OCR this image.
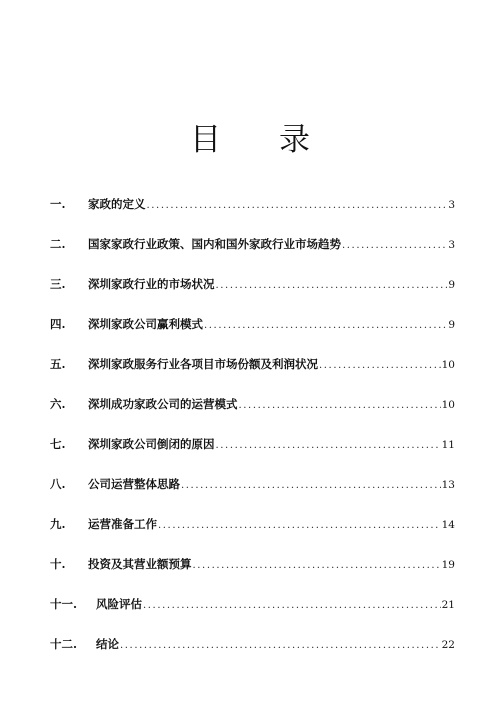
目 录
一.	家政的定义 .....	3
二.	国家家政行业政策、国内和国外家政行业市场趋势 .....	3
三.	深圳家政行业的市场状况 .....	9
四.	深圳家政公司赢利模式 .....	9
五.	深圳家政服务行业各项目市场份额及利润状况 .....	10
六.	深圳成功家政公司的运营模式 .....	10
七.	深圳家政公司倒闭的原因 .....	11
八.	公司运营整体思路 .....	13
九.	运营准备工作 .....	14
十.	投资及其营业额预算 .....	19
十一.	风险评估 .....	21
十二.	结论 .....	22
